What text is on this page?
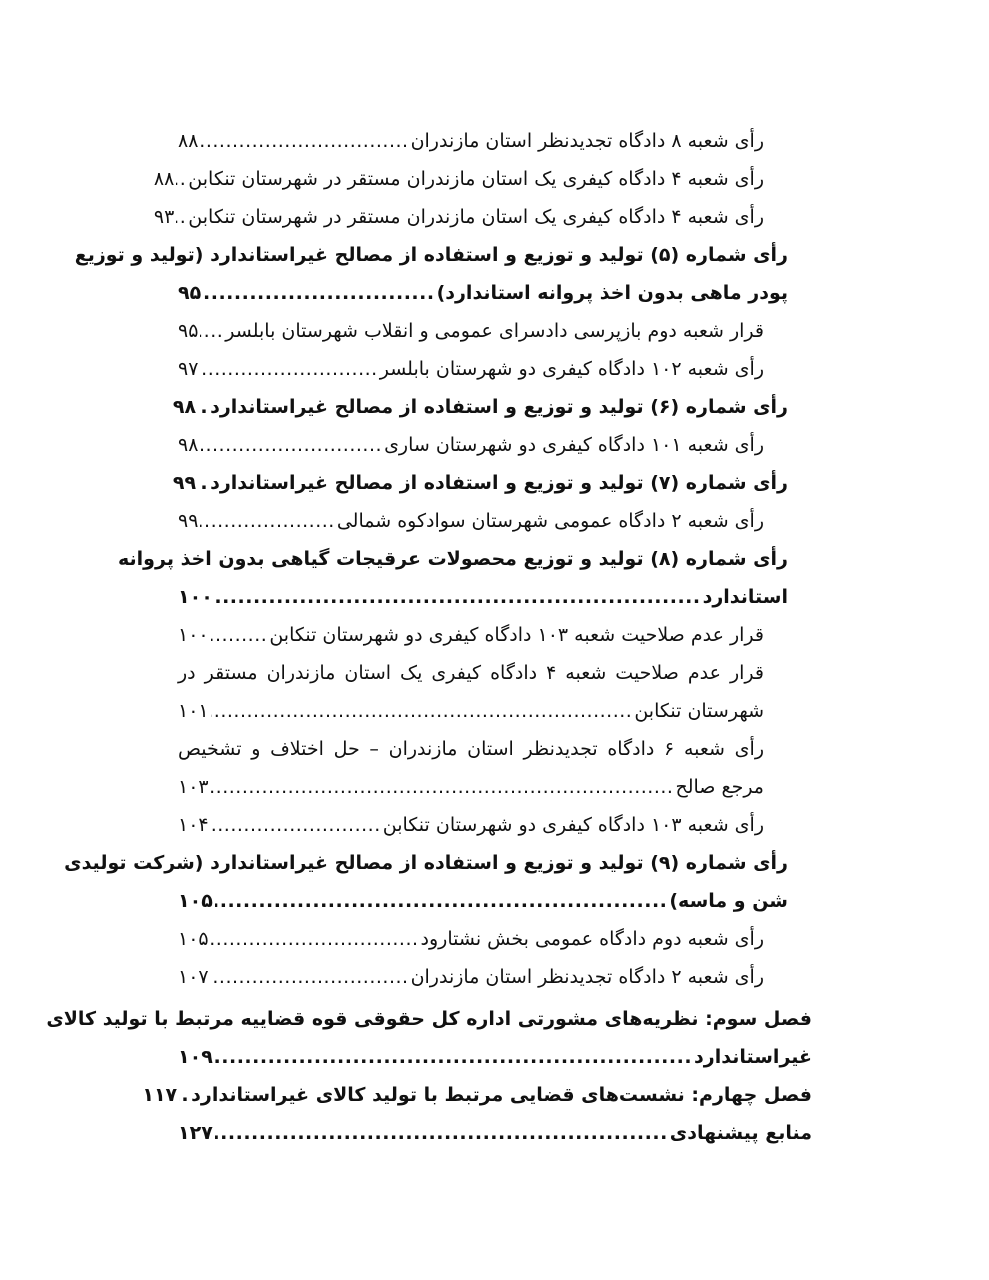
رأی شعبه ۸ دادگاه تجدیدنظر استان مازندران
.....
۸۸
رأی شعبه ۴ دادگاه کیفری یک استان مازندران مستقر در شهرستان تنکابن
.....
۸۸
رأی شعبه ۴ دادگاه کیفری یک استان مازندران مستقر در شهرستان تنکابن
.....
۹۳
رأی شماره (۵) تولید و توزیع و استفاده از مصالح غیراستاندارد (تولید و توزیع
پودر ماهی بدون اخذ پروانه استاندارد)
.....
۹۵
قرار شعبه دوم بازپرسی دادسرای عمومی و انقلاب شهرستان بابلسر
.....
۹۵
رأی شعبه ۱۰۲ دادگاه کیفری دو شهرستان بابلسر
.....
۹۷
رأی شماره (۶) تولید و توزیع و استفاده از مصالح غیراستاندارد
.....
۹۸
رأی شعبه ۱۰۱ دادگاه کیفری دو شهرستان ساری
.....
۹۸
رأی شماره (۷) تولید و توزیع و استفاده از مصالح غیراستاندارد
.....
۹۹
رأی شعبه ۲ دادگاه عمومی شهرستان سوادکوه شمالی
.....
۹۹
رأی شماره (۸) تولید و توزیع محصولات عرقیجات گیاهی بدون اخذ پروانه
استاندارد
.....
۱۰۰
قرار عدم صلاحیت شعبه ۱۰۳ دادگاه کیفری دو شهرستان تنکابن
.....
۱۰۰
قرار عدم صلاحیت شعبه ۴ دادگاه کیفری یک استان مازندران مستقر در
شهرستان تنکابن
.....
۱۰۱
رأی شعبه ۶ دادگاه تجدیدنظر استان مازندران – حل اختلاف و تشخیص
مرجع صالح
.....
۱۰۳
رأی شعبه ۱۰۳ دادگاه کیفری دو شهرستان تنکابن
.....
۱۰۴
رأی شماره (۹) تولید و توزیع و استفاده از مصالح غیراستاندارد (شرکت تولیدی
شن و ماسه)
.....
۱۰۵
رأی شعبه دوم دادگاه عمومی بخش نشتارود
.....
۱۰۵
رأی شعبه ۲ دادگاه تجدیدنظر استان مازندران
.....
۱۰۷
فصل سوم: نظریه‌های مشورتی اداره کل حقوقی قوه قضاییه مرتبط با تولید کالای
غیراستاندارد
.....
۱۰۹
فصل چهارم: نشست‌های قضایی مرتبط با تولید کالای غیراستاندارد
.....
۱۱۷
منابع پیشنهادی
.....
۱۲۷
